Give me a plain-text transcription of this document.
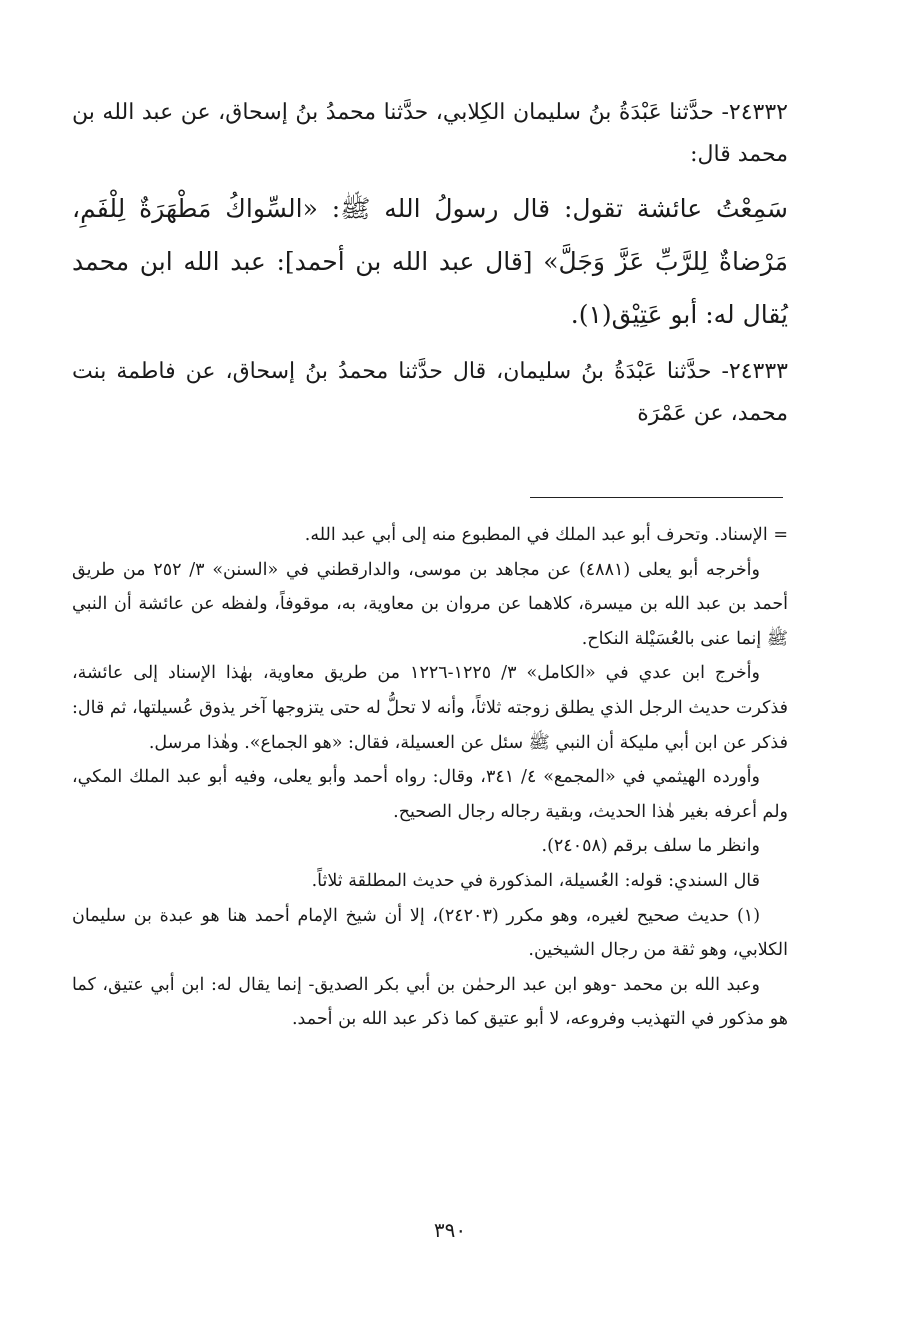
٢٤٣٣٢- حدَّثنا عَبْدَةُ بنُ سليمان الكِلابي، حدَّثنا محمدُ بنُ إسحاق، عن عبد الله بن محمد قال:

سَمِعْتُ عائشة تقول: قال رسولُ الله ﷺ: «السِّواكُ مَطْهَرَةٌ لِلْفَمِ، مَرْضاةٌ لِلرَّبِّ عَزَّ وَجَلَّ» [قال عبد الله بن أحمد]: عبد الله ابن محمد يُقال له: أبو عَتِيْق(١).

٢٤٣٣٣- حدَّثنا عَبْدَةُ بنُ سليمان، قال حدَّثنا محمدُ بنُ إسحاق، عن فاطمة بنت محمد، عن عَمْرَة

= الإسناد. وتحرف أبو عبد الملك في المطبوع منه إلى أبي عبد الله.

وأخرجه أبو يعلى (٤٨٨١) عن مجاهد بن موسى، والدارقطني في «السنن» ٣/ ٢٥٢ من طريق أحمد بن عبد الله بن ميسرة، كلاهما عن مروان بن معاوية، به، موقوفاً، ولفظه عن عائشة أن النبي ﷺ إنما عنى بالعُسَيْلة النكاح.

وأخرج ابن عدي في «الكامل» ٣/ ١٢٢٥-١٢٢٦ من طريق معاوية، بهٰذا الإسناد إلى عائشة، فذكرت حديث الرجل الذي يطلق زوجته ثلاثاً، وأنه لا تحلُّ له حتى يتزوجها آخر يذوق عُسيلتها، ثم قال: فذكر عن ابن أبي مليكة أن النبي ﷺ سئل عن العسيلة، فقال: «هو الجماع». وهٰذا مرسل.

وأورده الهيثمي في «المجمع» ٤/ ٣٤١، وقال: رواه أحمد وأبو يعلى، وفيه أبو عبد الملك المكي، ولم أعرفه بغير هٰذا الحديث، وبقية رجاله رجال الصحيح.

وانظر ما سلف برقم (٢٤٠٥٨).

قال السندي: قوله: العُسيلة، المذكورة في حديث المطلقة ثلاثاً.

(١) حديث صحيح لغيره، وهو مكرر (٢٤٢٠٣)، إلا أن شيخ الإمام أحمد هنا هو عبدة بن سليمان الكلابي، وهو ثقة من رجال الشيخين.

وعبد الله بن محمد -وهو ابن عبد الرحمٰن بن أبي بكر الصديق- إنما يقال له: ابن أبي عتيق، كما هو مذكور في التهذيب وفروعه، لا أبو عتيق كما ذكر عبد الله بن أحمد.

٣٩٠
